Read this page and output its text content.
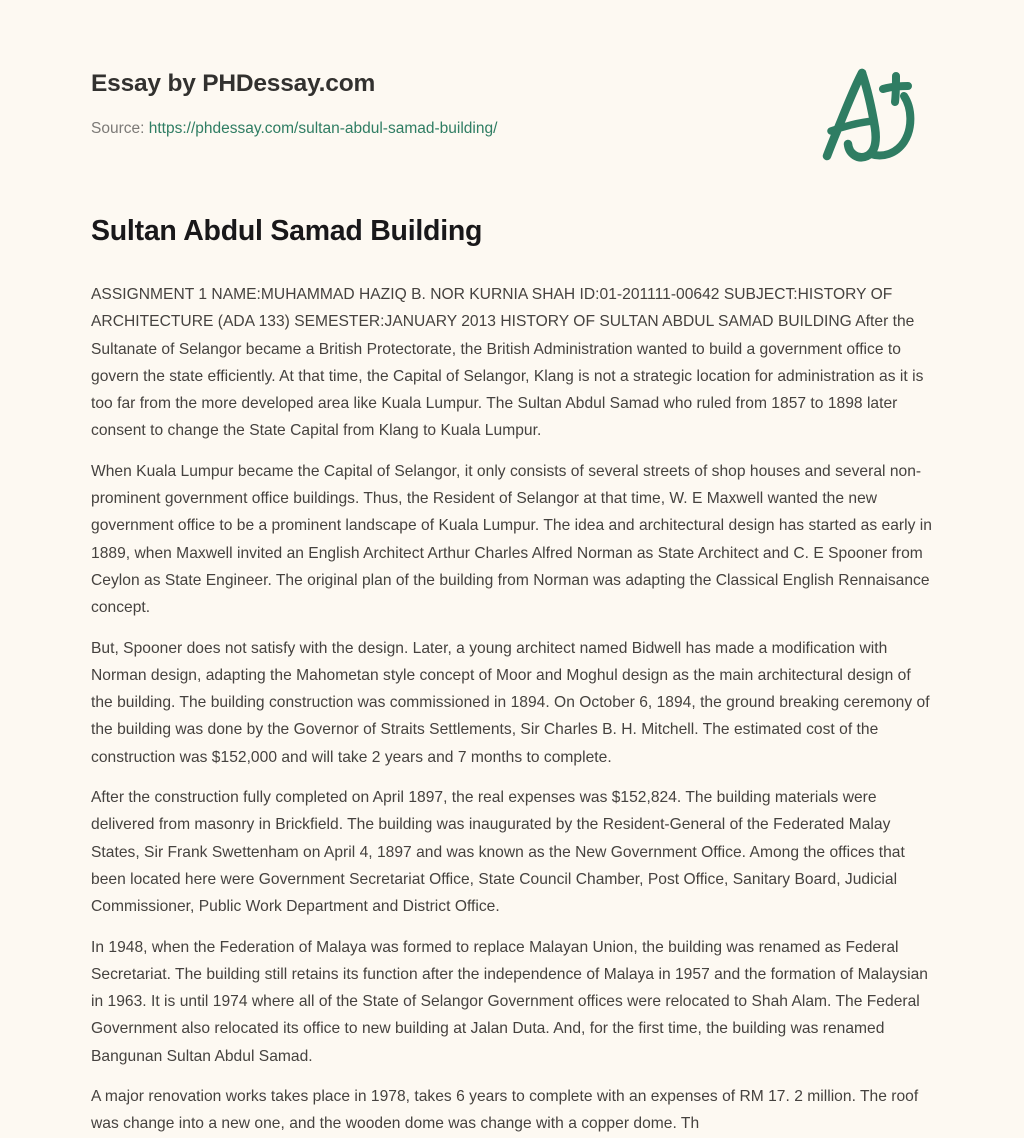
Essay by PHDessay.com
Source: https://phdessay.com/sultan-abdul-samad-building/
Sultan Abdul Samad Building

ASSIGNMENT 1 NAME:MUHAMMAD HAZIQ B. NOR KURNIA SHAH ID:01-201111-00642 SUBJECT:HISTORY OF ARCHITECTURE (ADA 133) SEMESTER:JANUARY 2013 HISTORY OF SULTAN ABDUL SAMAD BUILDING After the Sultanate of Selangor became a British Protectorate, the British Administration wanted to build a government office to govern the state efficiently. At that time, the Capital of Selangor, Klang is not a strategic location for administration as it is too far from the more developed area like Kuala Lumpur. The Sultan Abdul Samad who ruled from 1857 to 1898 later consent to change the State Capital from Klang to Kuala Lumpur.

When Kuala Lumpur became the Capital of Selangor, it only consists of several streets of shop houses and several non-prominent government office buildings. Thus, the Resident of Selangor at that time, W. E Maxwell wanted the new government office to be a prominent landscape of Kuala Lumpur. The idea and architectural design has started as early in 1889, when Maxwell invited an English Architect Arthur Charles Alfred Norman as State Architect and C. E Spooner from Ceylon as State Engineer. The original plan of the building from Norman was adapting the Classical English Rennaisance concept.

But, Spooner does not satisfy with the design. Later, a young architect named Bidwell has made a modification with Norman design, adapting the Mahometan style concept of Moor and Moghul design as the main architectural design of the building. The building construction was commissioned in 1894. On October 6, 1894, the ground breaking ceremony of the building was done by the Governor of Straits Settlements, Sir Charles B. H. Mitchell. The estimated cost of the construction was $152,000 and will take 2 years and 7 months to complete.

After the construction fully completed on April 1897, the real expenses was $152,824. The building materials were delivered from masonry in Brickfield. The building was inaugurated by the Resident-General of the Federated Malay States, Sir Frank Swettenham on April 4, 1897 and was known as the New Government Office. Among the offices that been located here were Government Secretariat Office, State Council Chamber, Post Office, Sanitary Board, Judicial Commissioner, Public Work Department and District Office.

In 1948, when the Federation of Malaya was formed to replace Malayan Union, the building was renamed as Federal Secretariat. The building still retains its function after the independence of Malaya in 1957 and the formation of Malaysian in 1963. It is until 1974 where all of the State of Selangor Government offices were relocated to Shah Alam. The Federal Government also relocated its office to new building at Jalan Duta. And, for the first time, the building was renamed Bangunan Sultan Abdul Samad.

A major renovation works takes place in 1978, takes 6 years to complete with an expenses of RM 17. 2 million. The roof was change into a new one, and the wooden dome was change with a copper dome. Th
